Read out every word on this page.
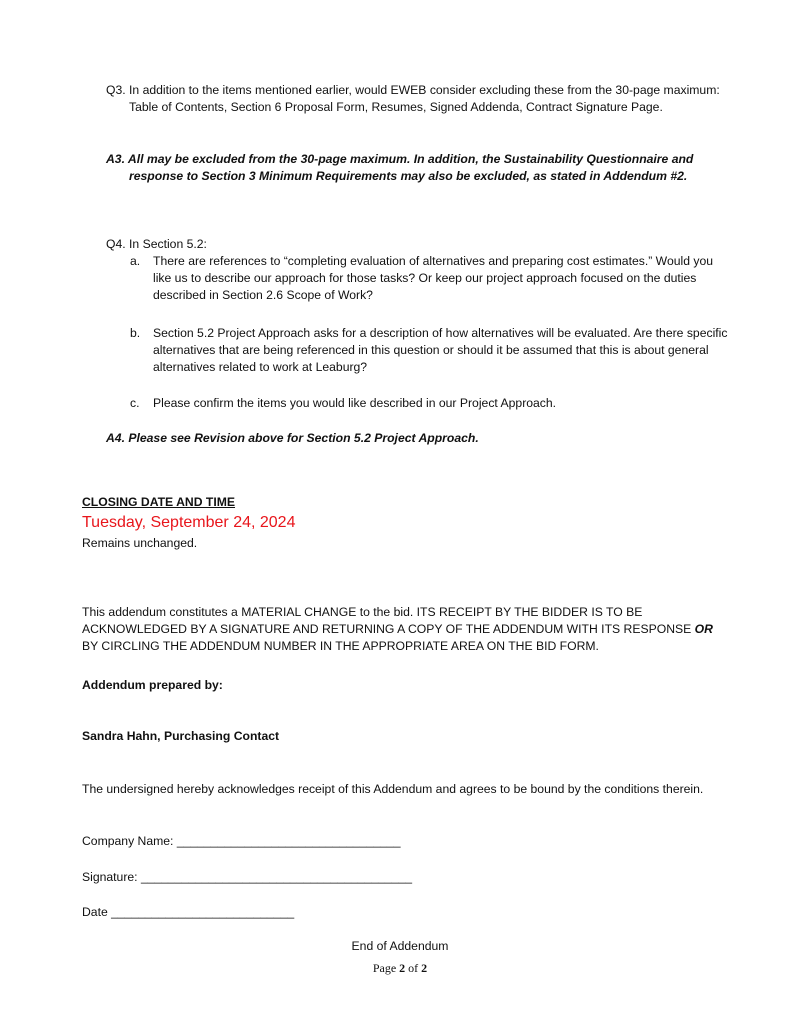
Q3. In addition to the items mentioned earlier, would EWEB consider excluding these from the 30-page maximum: Table of Contents, Section 6 Proposal Form, Resumes, Signed Addenda, Contract Signature Page.
A3. All may be excluded from the 30-page maximum. In addition, the Sustainability Questionnaire and response to Section 3 Minimum Requirements may also be excluded, as stated in Addendum #2.
Q4. In Section 5.2:
a. There are references to “completing evaluation of alternatives and preparing cost estimates.” Would you like us to describe our approach for those tasks? Or keep our project approach focused on the duties described in Section 2.6 Scope of Work?
b. Section 5.2 Project Approach asks for a description of how alternatives will be evaluated. Are there specific alternatives that are being referenced in this question or should it be assumed that this is about general alternatives related to work at Leaburg?
c. Please confirm the items you would like described in our Project Approach.
A4. Please see Revision above for Section 5.2 Project Approach.
CLOSING DATE AND TIME
Tuesday, September 24, 2024
Remains unchanged.
This addendum constitutes a MATERIAL CHANGE to the bid. ITS RECEIPT BY THE BIDDER IS TO BE ACKNOWLEDGED BY A SIGNATURE AND RETURNING A COPY OF THE ADDENDUM WITH ITS RESPONSE OR BY CIRCLING THE ADDENDUM NUMBER IN THE APPROPRIATE AREA ON THE BID FORM.
Addendum prepared by:
Sandra Hahn, Purchasing Contact
The undersigned hereby acknowledges receipt of this Addendum and agrees to be bound by the conditions therein.
Company Name: _________________________________
Signature: ________________________________________
Date ___________________________
End of Addendum
Page 2 of 2
